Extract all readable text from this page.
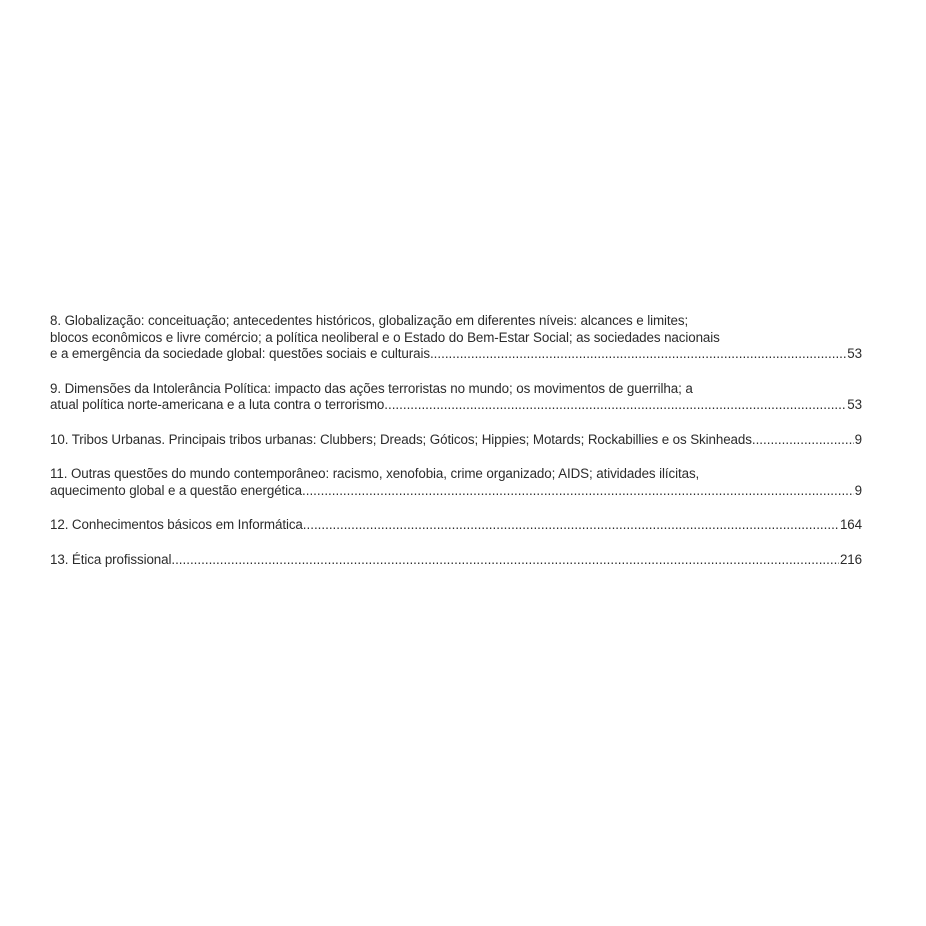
8. Globalização: conceituação; antecedentes históricos, globalização em diferentes níveis: alcances e limites;
blocos econômicos e livre comércio; a política neoliberal e o Estado do Bem-Estar Social; as sociedades nacionais
e a emergência da sociedade global: questões sociais e culturais .....	53
9. Dimensões da Intolerância Política: impacto das ações terroristas no mundo; os movimentos de guerrilha; a
atual política norte-americana e a luta contra o terrorismo .....	53
10. Tribos Urbanas. Principais tribos urbanas: Clubbers; Dreads; Góticos; Hippies; Motards; Rockabillies e os Skinheads .....	9
11. Outras questões do mundo contemporâneo: racismo, xenofobia, crime organizado; AIDS; atividades ilícitas,
aquecimento global e a questão energética .....	9
12. Conhecimentos básicos em Informática .....	164
13. Ética profissional .....	216
